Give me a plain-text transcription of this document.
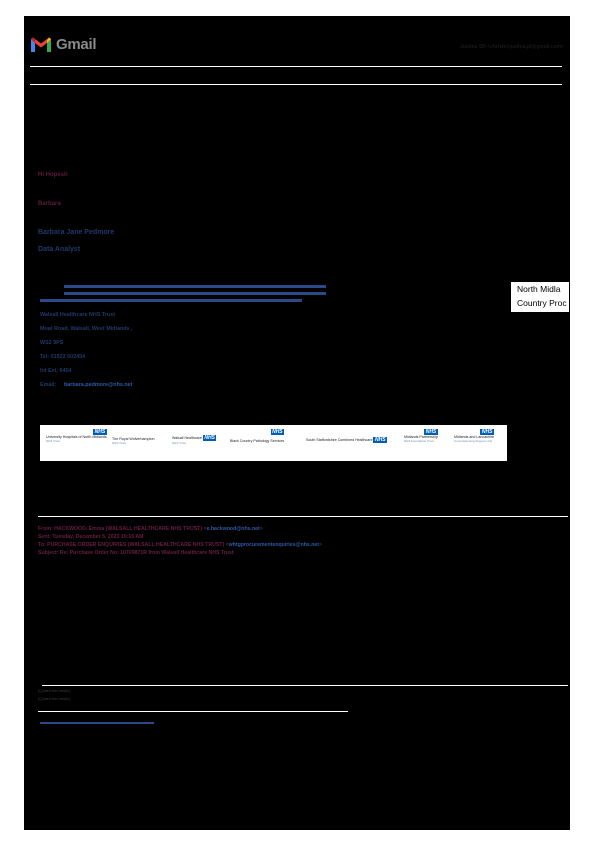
Gmail	Justina SR <christel.justina.pf@gmail.com>
Hi Hopesh
Barbara
Barbara Jane Pedmore
Data Analyst
Walsall Healthcare NHS Trust
Moat Road, Walsall, West Midlands ,
WS2 9PS
Tel: 01922 602454
Int Ext. 6454
Email: barbara.pedmore@nhs.net
North Midla
Country Proc
NHS
University Hospitals of North Midlands
NHS Trust
The Royal Wolverhampton
NHS Trust
Walsall Healthcare NHS
NHS Trust
NHS
Black Country Pathology Services	South Staffordshire Combined Healthcare NHS
NHS
Midlands Partnership
NHS Foundation Trust
NHS
Midlands and Lancashire
Commissioning Support Unit
From: HACKWOOD, Emma (WALSALL HEALTHCARE NHS TRUST) <e.hackwood@nhs.net>
Sent: Tuesday, December 5, 2023 10:15 AM
To: PURCHASE ORDER ENQUIRIES (WALSALL HEALTHCARE NHS TRUST) <whtgprocurementenquiries@nhs.net>
Subject: Re: Purchase Order No: 10709871R from Walsall Healthcare NHS Trust
[Quoted text hidden]
[Quoted text hidden]
